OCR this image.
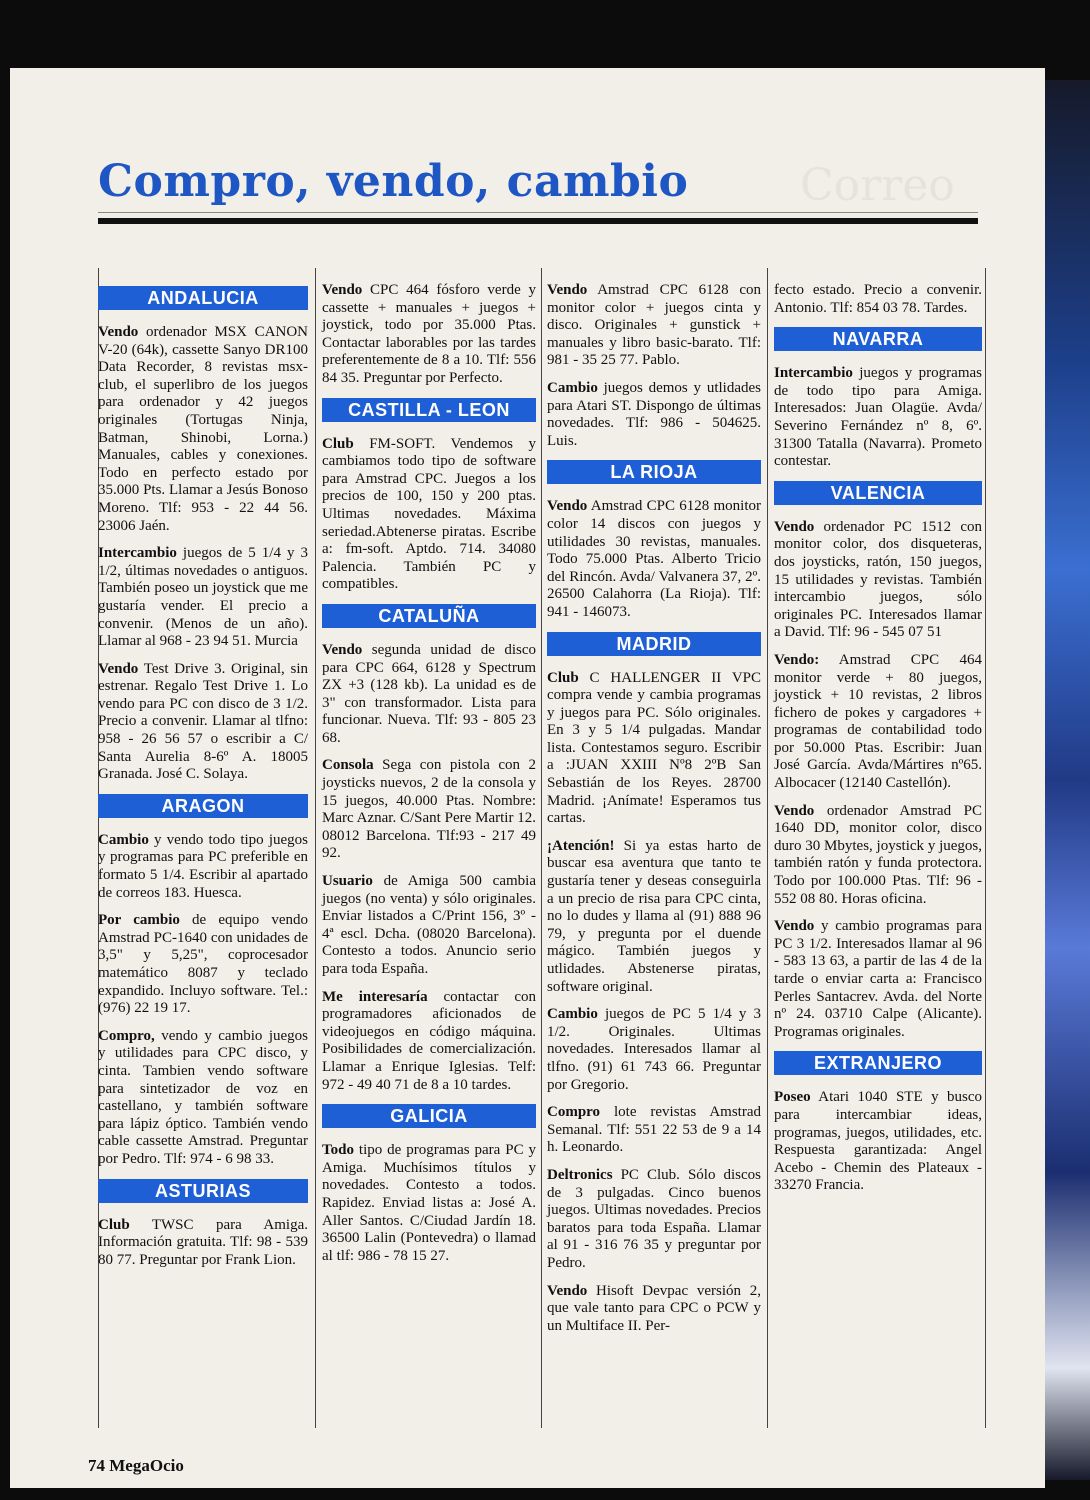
Correo
Compro, vendo, cambio
ANDALUCIA

Vendo ordenador MSX CANON V-20 (64k), cassette Sanyo DR100 Data Recorder, 8 revistas msx-club, el superlibro de los juegos para ordenador y 42 juegos originales (Tortugas Ninja, Batman, Shinobi, Lorna.) Manuales, cables y conexiones. Todo en perfecto estado por 35.000 Pts. Llamar a Jesús Bonoso Moreno. Tlf: 953 - 22 44 56. 23006 Jaén.

Intercambio juegos de 5 1/4 y 3 1/2, últimas novedades o antiguos. También poseo un joystick que me gustaría vender. El precio a convenir. (Menos de un año). Llamar al 968 - 23 94 51. Murcia

Vendo Test Drive 3. Original, sin estrenar. Regalo Test Drive 1. Lo vendo para PC con disco de 3 1/2. Precio a convenir. Llamar al tlfno: 958 - 26 56 57 o escribir a C/ Santa Aurelia 8-6º A. 18005 Granada. José C. Solaya.

ARAGON

Cambio y vendo todo tipo juegos y programas para PC preferible en formato 5 1/4. Escribir al apartado de correos 183. Huesca.

Por cambio de equipo vendo Amstrad PC-1640 con unidades de 3,5" y 5,25", coprocesador matemático 8087 y teclado expandido. Incluyo software. Tel.: (976) 22 19 17.

Compro, vendo y cambio juegos y utilidades para CPC disco, y cinta. Tambien vendo software para sintetizador de voz en castellano, y también software para lápiz óptico. También vendo cable cassette Amstrad. Preguntar por Pedro. Tlf: 974 - 6 98 33.

ASTURIAS

Club TWSC para Amiga. Información gratuita. Tlf: 98 - 539 80 77. Preguntar por Frank Lion.

Vendo CPC 464 fósforo verde y cassette + manuales + juegos + joystick, todo por 35.000 Ptas. Contactar laborables por las tardes preferentemente de 8 a 10. Tlf: 556 84 35. Preguntar por Perfecto.

CASTILLA - LEON

Club FM-SOFT. Vendemos y cambiamos todo tipo de software para Amstrad CPC. Juegos a los precios de 100, 150 y 200 ptas. Ultimas novedades. Máxima seriedad.Abtenerse piratas. Escribe a: fm-soft. Aptdo. 714. 34080 Palencia. También PC y compatibles.

CATALUÑA

Vendo segunda unidad de disco para CPC 664, 6128 y Spectrum ZX +3 (128 kb). La unidad es de 3" con transformador. Lista para funcionar. Nueva. Tlf: 93 - 805 23 68.

Consola Sega con pistola con 2 joysticks nuevos, 2 de la consola y 15 juegos, 40.000 Ptas. Nombre: Marc Aznar. C/Sant Pere Martir 12. 08012 Barcelona. Tlf:93 - 217 49 92.

Usuario de Amiga 500 cambia juegos (no venta) y sólo originales. Enviar listados a C/Print 156, 3º - 4ª escl. Dcha. (08020 Barcelona). Contesto a todos. Anuncio serio para toda España.

Me interesaría contactar con programadores aficionados de videojuegos en código máquina. Posibilidades de comercialización. Llamar a Enrique Iglesias. Telf: 972 - 49 40 71 de 8 a 10 tardes.

GALICIA

Todo tipo de programas para PC y Amiga. Muchísimos títulos y novedades. Contesto a todos. Rapidez. Enviad listas a: José A. Aller Santos. C/Ciudad Jardín 18. 36500 Lalin (Pontevedra) o llamad al tlf: 986 - 78 15 27.

Vendo Amstrad CPC 6128 con monitor color + juegos cinta y disco. Originales + gunstick + manuales y libro basic-barato. Tlf: 981 - 35 25 77. Pablo.

Cambio juegos demos y utlidades para Atari ST. Dispongo de últimas novedades. Tlf: 986 - 504625. Luis.

LA RIOJA

Vendo Amstrad CPC 6128 monitor color 14 discos con juegos y utilidades 30 revistas, manuales. Todo 75.000 Ptas. Alberto Tricio del Rincón. Avda/ Valvanera 37, 2º. 26500 Calahorra (La Rioja). Tlf: 941 - 146073.

MADRID

Club C HALLENGER II VPC compra vende y cambia programas y juegos para PC. Sólo originales. En 3 y 5 1/4 pulgadas. Mandar lista. Contestamos seguro. Escribir a :JUAN XXIII Nº8 2ºB San Sebastián de los Reyes. 28700 Madrid. ¡Anímate! Esperamos tus cartas.

¡Atención! Si ya estas harto de buscar esa aventura que tanto te gustaría tener y deseas conseguirla a un precio de risa para CPC cinta, no lo dudes y llama al (91) 888 96 79, y pregunta por el duende mágico. También juegos y utlidades. Abstenerse piratas, software original.

Cambio juegos de PC 5 1/4 y 3 1/2. Originales. Ultimas novedades. Interesados llamar al tlfno. (91) 61 743 66. Preguntar por Gregorio.

Compro lote revistas Amstrad Semanal. Tlf: 551 22 53 de 9 a 14 h. Leonardo.

Deltronics PC Club. Sólo discos de 3 pulgadas. Cinco buenos juegos. Ultimas novedades. Precios baratos para toda España. Llamar al 91 - 316 76 35 y preguntar por Pedro.

Vendo Hisoft Devpac versión 2, que vale tanto para CPC o PCW y un Multiface II. Per-

fecto estado. Precio a convenir. Antonio. Tlf: 854 03 78. Tardes.

NAVARRA

Intercambio juegos y programas de todo tipo para Amiga. Interesados: Juan Olagüe. Avda/ Severino Fernández nº 8, 6º. 31300 Tatalla (Navarra). Prometo contestar.

VALENCIA

Vendo ordenador PC 1512 con monitor color, dos disqueteras, dos joysticks, ratón, 150 juegos, 15 utilidades y revistas. También intercambio juegos, sólo originales PC. Interesados llamar a David. Tlf: 96 - 545 07 51

Vendo: Amstrad CPC 464 monitor verde + 80 juegos, joystick + 10 revistas, 2 libros fichero de pokes y cargadores + programas de contabilidad todo por 50.000 Ptas. Escribir: Juan José García. Avda/Mártires nº65. Albocacer (12140 Castellón).

Vendo ordenador Amstrad PC 1640 DD, monitor color, disco duro 30 Mbytes, joystick y juegos, también ratón y funda protectora. Todo por 100.000 Ptas. Tlf: 96 - 552 08 80. Horas oficina.

Vendo y cambio programas para PC 3 1/2. Interesados llamar al 96 - 583 13 63, a partir de las 4 de la tarde o enviar carta a: Francisco Perles Santacrev. Avda. del Norte nº 24. 03710 Calpe (Alicante). Programas originales.

EXTRANJERO

Poseo Atari 1040 STE y busco para intercambiar ideas, programas, juegos, utilidades, etc. Respuesta garantizada: Angel Acebo - Chemin des Plateaux - 33270 Francia.

74 MegaOcio
